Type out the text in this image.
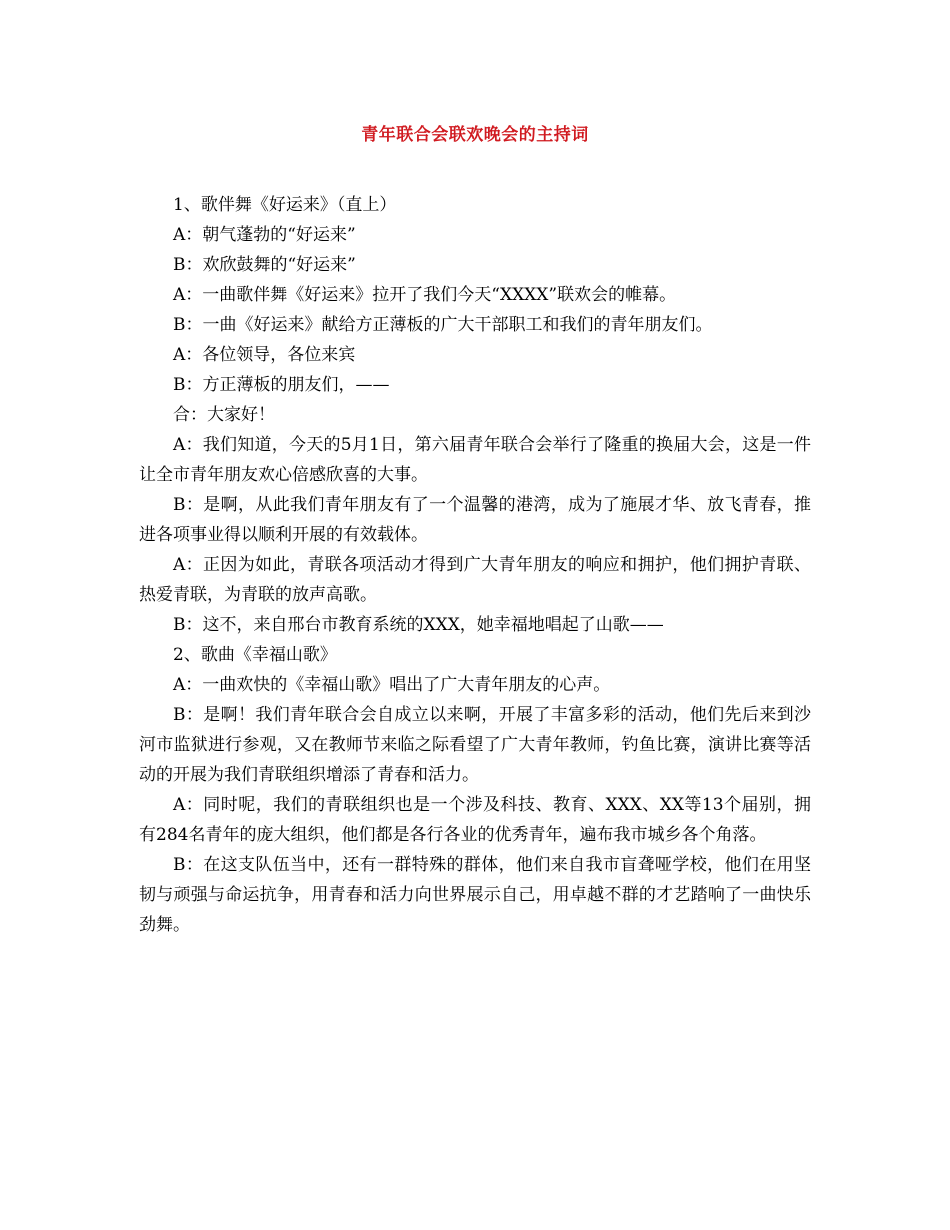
青年联合会联欢晚会的主持词

1、歌伴舞《好运来》（直上）

A：朝气蓬勃的“好运来”

B：欢欣鼓舞的“好运来”

A：一曲歌伴舞《好运来》拉开了我们今天“XXXX”联欢会的帷幕。

B：一曲《好运来》献给方正薄板的广大干部职工和我们的青年朋友们。

A：各位领导，各位来宾

B：方正薄板的朋友们，——

合：大家好！

A：我们知道，今天的5月1日，第六届青年联合会举行了隆重的换届大会，这是一件让全市青年朋友欢心倍感欣喜的大事。

B：是啊，从此我们青年朋友有了一个温馨的港湾，成为了施展才华、放飞青春，推进各项事业得以顺利开展的有效载体。

A：正因为如此，青联各项活动才得到广大青年朋友的响应和拥护，他们拥护青联、热爱青联，为青联的放声高歌。

B：这不，来自邢台市教育系统的XXX，她幸福地唱起了山歌——

2、歌曲《幸福山歌》

A：一曲欢快的《幸福山歌》唱出了广大青年朋友的心声。

B：是啊！我们青年联合会自成立以来啊，开展了丰富多彩的活动，他们先后来到沙河市监狱进行参观，又在教师节来临之际看望了广大青年教师，钓鱼比赛，演讲比赛等活动的开展为我们青联组织增添了青春和活力。

A：同时呢，我们的青联组织也是一个涉及科技、教育、XXX、XX等13个届别，拥有284名青年的庞大组织，他们都是各行各业的优秀青年，遍布我市城乡各个角落。

B：在这支队伍当中，还有一群特殊的群体，他们来自我市盲聋哑学校，他们在用坚韧与顽强与命运抗争，用青春和活力向世界展示自己，用卓越不群的才艺踏响了一曲快乐劲舞。
